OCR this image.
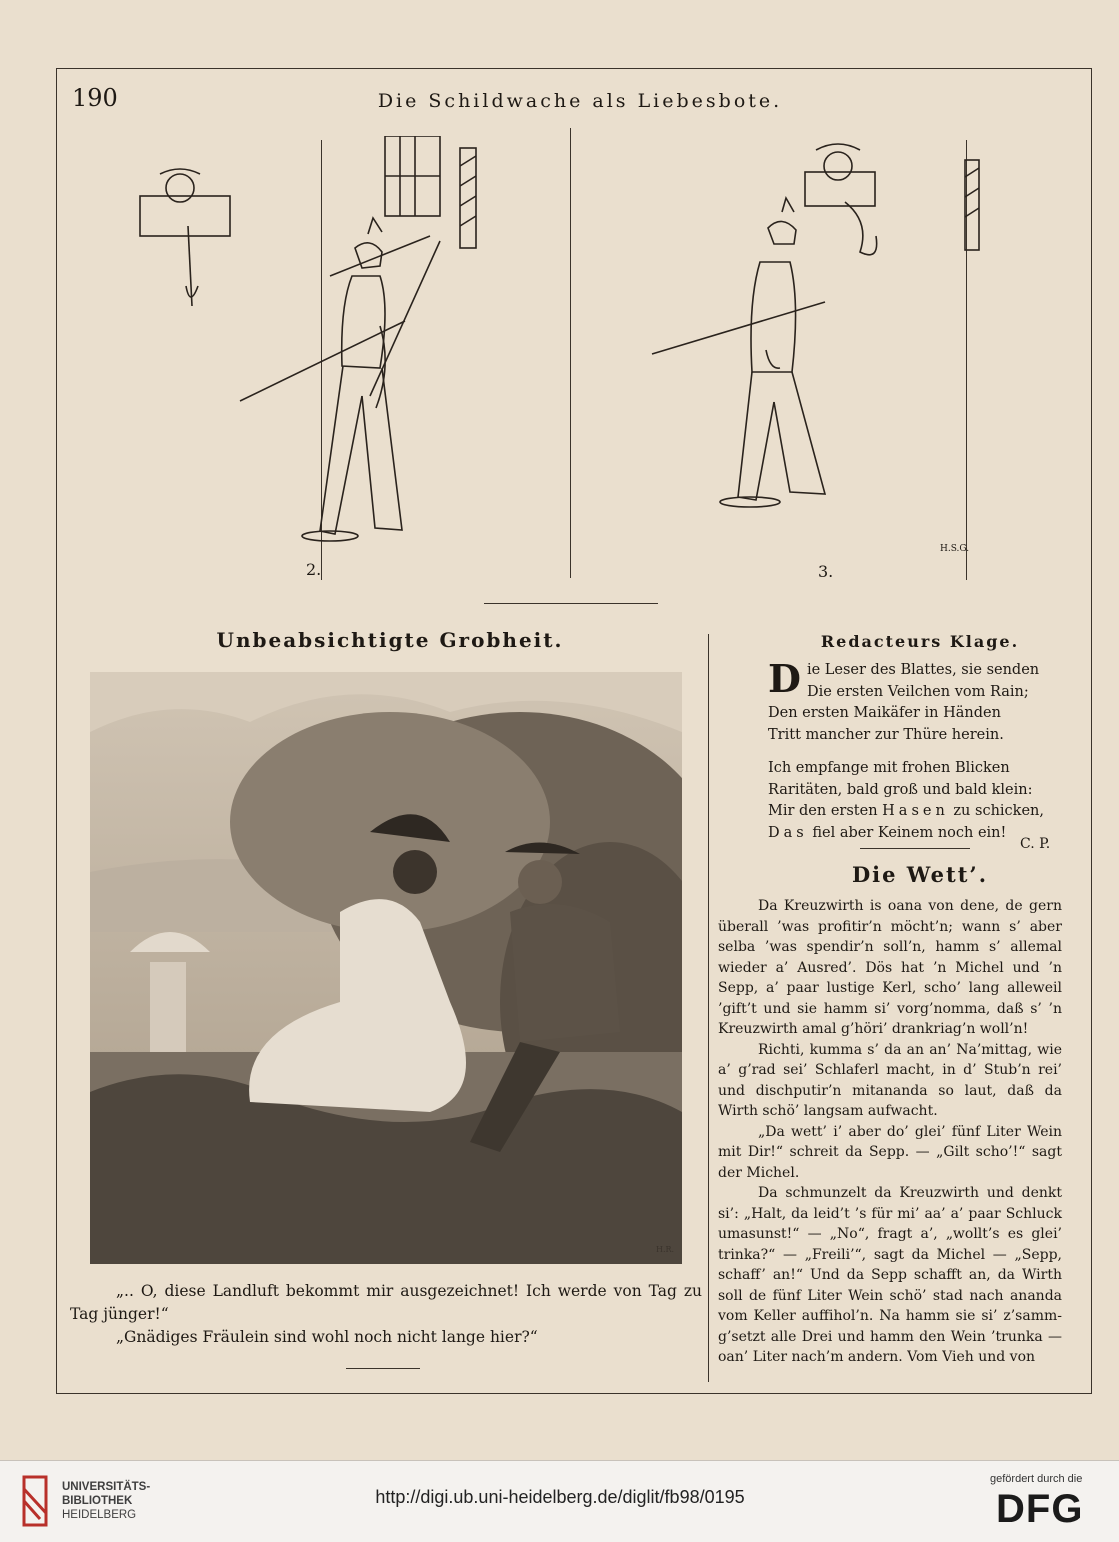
190	Die Schildwache als Liebesbote.
2.	3.
H.S.G.
Unbeabsichtigte Grobheit.
H.R.

„.. O, diese Landluft bekommt mir ausgezeichnet! Ich werde von Tag zu Tag jünger!“

„Gnädiges Fräulein sind wohl noch nicht lange hier?“

Redacteurs Klage.
D ie Leser des Blattes, sie senden
Die ersten Veilchen vom Rain;
Den ersten Maikäfer in Händen
Tritt mancher zur Thüre herein.
Ich empfange mit frohen Blicken
Raritäten, bald groß und bald klein:
Mir den ersten Hasen zu schicken,
Das fiel aber Keinem noch ein!
C. P.
Die Wett’.

Da Kreuzwirth is oana von dene, de gern überall ’was profitir’n möcht’n; wann s’ aber selba ’was spendir’n soll’n, hamm s’ allemal wieder a’ Ausred’. Dös hat ’n Michel und ’n Sepp, a’ paar lustige Kerl, scho’ lang alleweil ’gift’t und sie hamm si’ vorg’nomma, daß s’ ’n Kreuzwirth amal g’höri’ drankriag’n woll’n!

Richti, kumma s’ da an an’ Na’mittag, wie a’ g’rad sei’ Schlaferl macht, in d’ Stub’n rei’ und dischputir’n mitananda so laut, daß da Wirth schö’ langsam aufwacht.

„Da wett’ i’ aber do’ glei’ fünf Liter Wein mit Dir!“ schreit da Sepp. — „Gilt scho’!“ sagt der Michel.

Da schmunzelt da Kreuzwirth und denkt si’: „Halt, da leid’t ’s für mi’ aa’ a’ paar Schluck umasunst!“ — „No“, fragt a’, „wollt’s es glei’ trinka?“ — „Freili’“, sagt da Michel — „Sepp, schaff’ an!“ Und da Sepp schafft an, da Wirth soll de fünf Liter Wein schö’ stad nach ananda vom Keller auffihol’n. Na hamm sie si’ z’samm-g’setzt alle Drei und hamm den Wein ’trunka — oan’ Liter nach’m andern. Vom Vieh und von

UNIVERSITÄTS-
BIBLIOTHEK
HEIDELBERG
http://digi.ub.uni-heidelberg.de/diglit/fb98/0195
gefördert durch die
DFG
